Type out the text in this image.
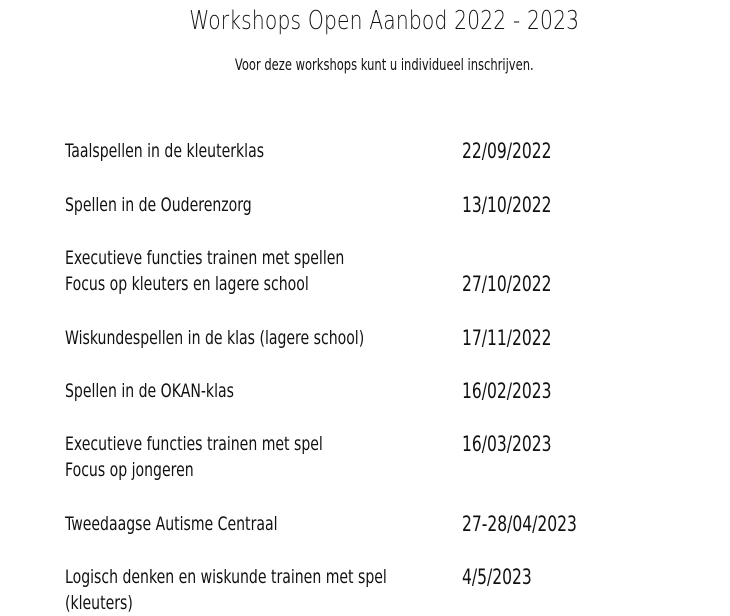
Workshops Open Aanbod 2022 - 2023
Voor deze workshops kunt u individueel inschrijven.
Taalspellen in de kleuterklas	22/09/2022
Spellen in de Ouderenzorg	13/10/2022
Executieve functies trainen met spellen
Focus op kleuters en lagere school	27/10/2022
Wiskundespellen in de klas (lagere school)	17/11/2022
Spellen in de OKAN-klas	16/02/2023
Executieve functies trainen met spel
Focus op jongeren
16/03/2023
Tweedaagse Autisme Centraal	27-28/04/2023
Logisch denken en wiskunde trainen met spel
(kleuters)
4/5/2023
